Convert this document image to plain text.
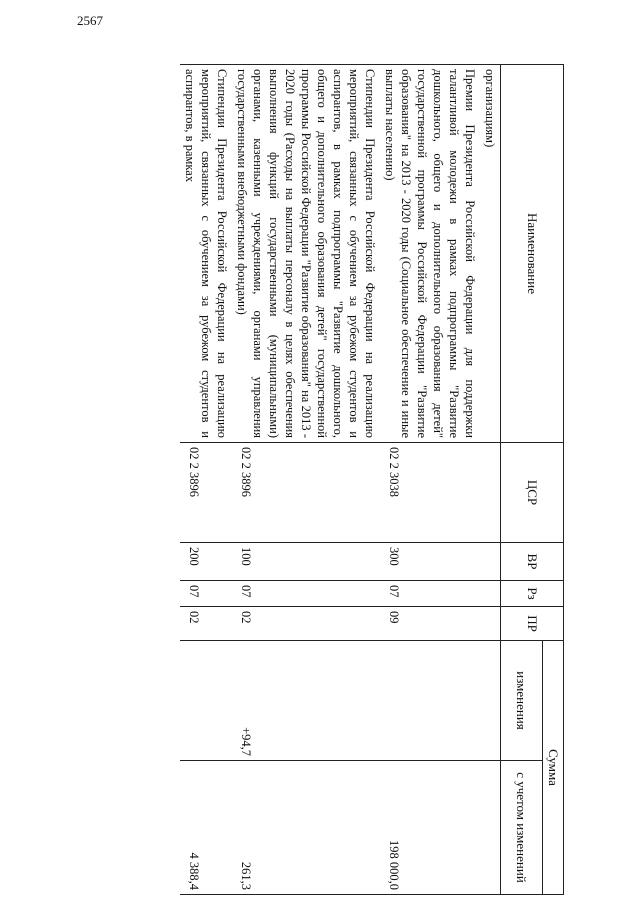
2567
Наименование	ЦСР	ВР	Рз	ПР	Сумма	
					изменения	с учетом изменений
организациям)						
Премии Президента Российской Федерации для поддержки талантливой молодежи в рамках подпрограммы "Развитие дошкольного, общего и дополнительного образования детей" государственной программы Российской Федерации "Развитие образования" на 2013 - 2020 годы (Социальное обеспечение и иные выплаты населению)	02 2 3038	300	07	09		198 000,0
Стипендии Президента Российской Федерации на реализацию мероприятий, связанных с обучением за рубежом студентов и аспирантов, в рамках подпрограммы "Развитие дошкольного, общего и дополнительного образования детей" государственной программы Российской Федерации "Развитие образования" на 2013 - 2020 годы (Расходы на выплаты персоналу в целях обеспечения выполнения функций государственными (муниципальными) органами, казенными учреждениями, органами управления государственными внебюджетными фондами)	02 2 3896	100	07	02	+94,7	261,3
Стипендии Президента Российской Федерации на реализацию мероприятий, связанных с обучением за рубежом студентов и аспирантов, в рамках	02 2 3896	200	07	02		4 388,4
